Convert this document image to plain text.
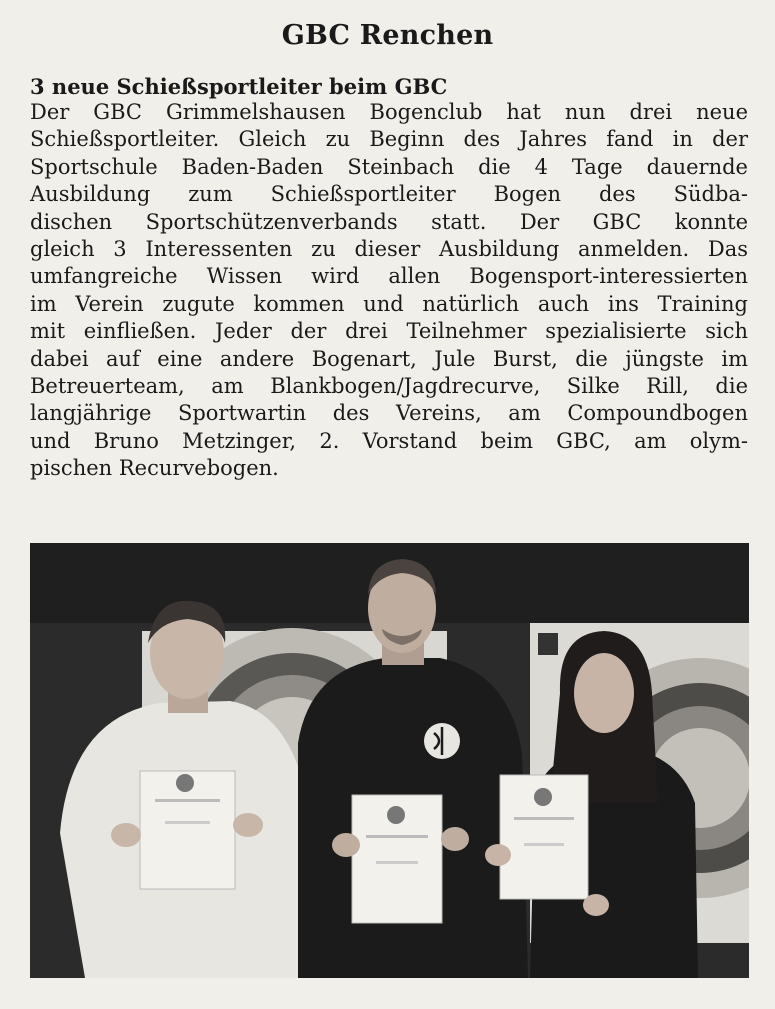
GBC Renchen
3 neue Schießsportleiter beim GBC
Der GBC Grimmelshausen Bogenclub hat nun drei neue
Schießsportleiter. Gleich zu Beginn des Jahres fand in der
Sportschule Baden-Baden Steinbach die 4 Tage dauernde
Ausbildung zum Schießsportleiter Bogen des Südba-
dischen Sportschützenverbands statt. Der GBC konnte
gleich 3 Interessenten zu dieser Ausbildung anmelden. Das
umfangreiche Wissen wird allen Bogensport-interessierten
im Verein zugute kommen und natürlich auch ins Training
mit einfließen. Jeder der drei Teilnehmer spezialisierte sich
dabei auf eine andere Bogenart, Jule Burst, die jüngste im
Betreuerteam, am Blankbogen/Jagdrecurve, Silke Rill, die
langjährige Sportwartin des Vereins, am Compoundbogen
und Bruno Metzinger, 2. Vorstand beim GBC, am olym-
pischen Recurvebogen.
